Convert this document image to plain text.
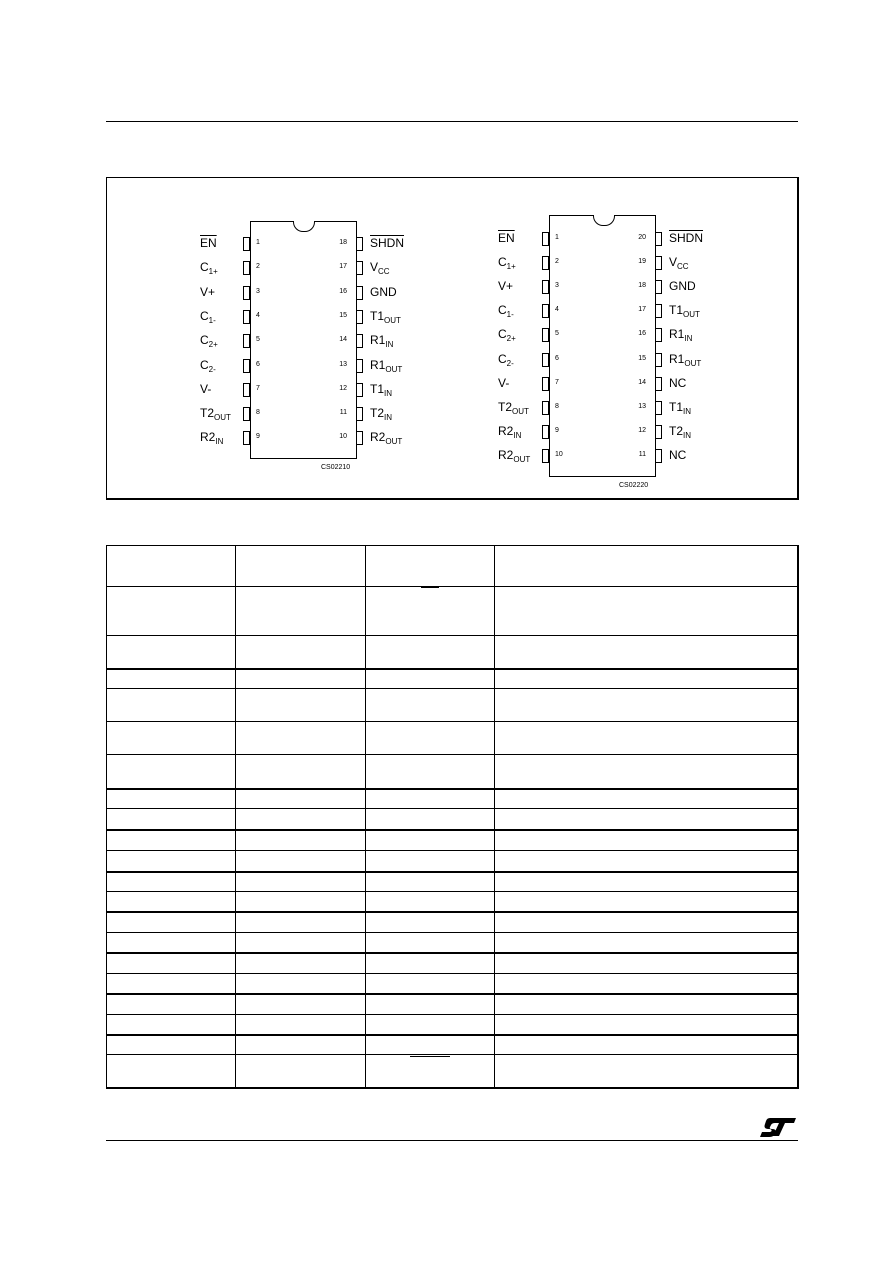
CS02210
1
$\overline{EN}$
2
$C_{1+}$
3
V+
4
$C_{1-}$
5
$C_{2+}$
6
$C_{2-}$
7
V-
8
$T2_{OUT}$
9
$R2_{IN}$
18 SHDN
17 $V_{CC}$
16 GND
15 $T1_{OUT}$
14 $R1_{IN}$
13 $R1_{OUT}$
12 $T1_{IN}$
11 $T2_{IN}$
10 $R2_{OUT}$
CS02220
1
$\overline{EN}$
2
$C_{1+}$
3
V+
4
$C_{1-}$
5
$C_{2+}$
6
$C_{2-}$
7
V-
8
$T2_{OUT}$
9
$R2_{IN}$
10
$R2_{OUT}$
20 SHDN
19 $V_{CC}$
18 GND
17 $T1_{OUT}$
16 $R1_{IN}$
15 $R1_{OUT}$
14 NC
13 $T1_{IN}$
12 $T2_{IN}$
11 NC
